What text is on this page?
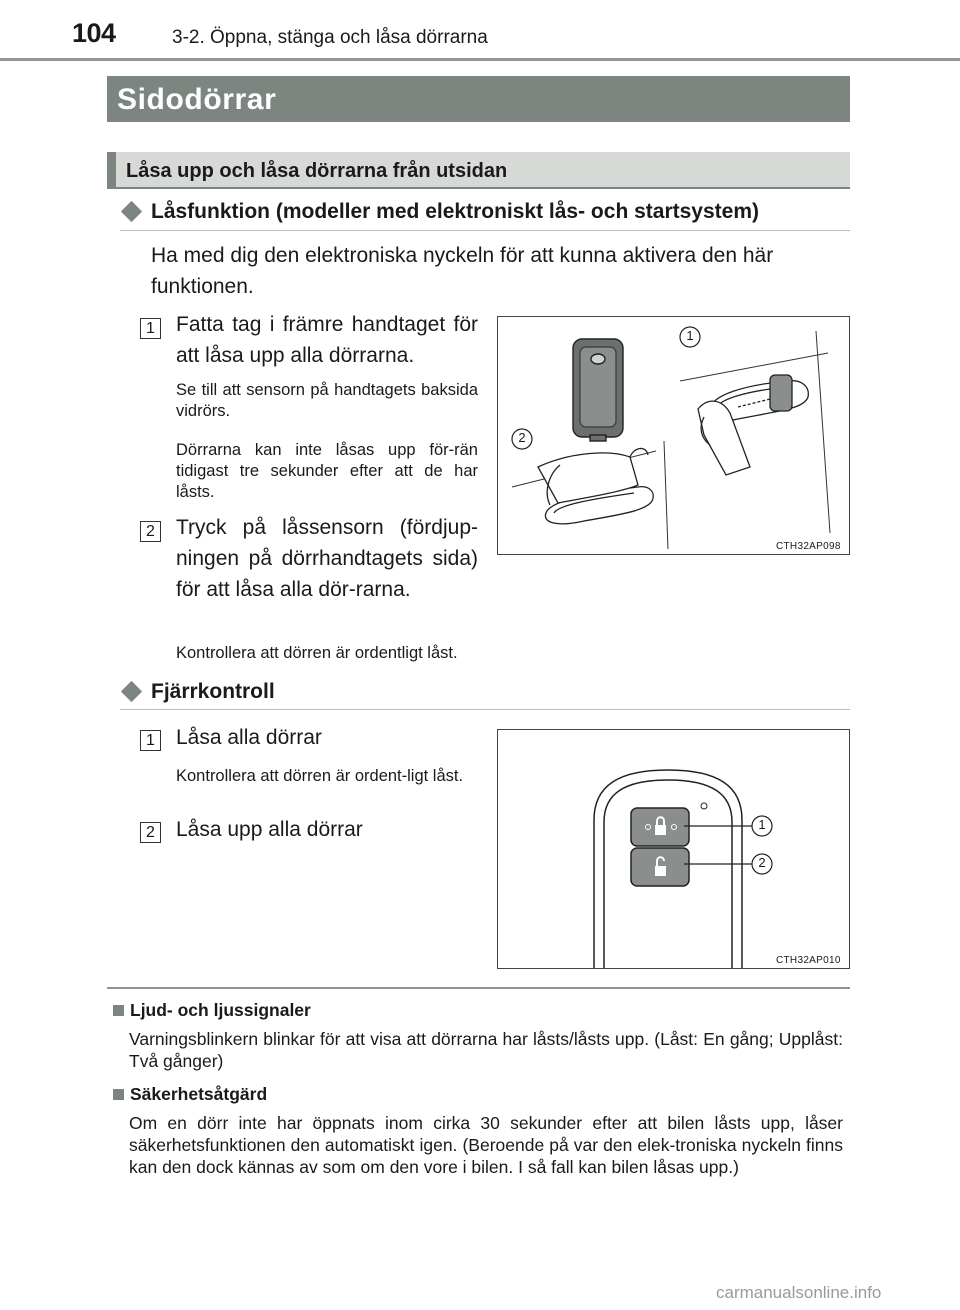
104	3-2. Öppna, stänga och låsa dörrarna
Sidodörrar
Låsa upp och låsa dörrarna från utsidan
Låsfunktion (modeller med elektroniskt lås- och startsystem)
Ha med dig den elektroniska nyckeln för att kunna aktivera den här funktionen.
1 Fatta tag i främre handtaget för att låsa upp alla dörrarna.
Se till att sensorn på handtagets baksida vidrörs.
Dörrarna kan inte låsas upp för-rän tidigast tre sekunder efter att de har låsts.
2 Tryck på låssensorn (fördjup-ningen på dörrhandtagets sida) för att låsa alla dör-rarna.
Kontrollera att dörren är ordentligt låst.
1
2
CTH32AP098
Fjärrkontroll
1 Låsa alla dörrar
Kontrollera att dörren är ordent-ligt låst.
2 Låsa upp alla dörrar	1
2
CTH32AP010
Ljud- och ljussignaler
Varningsblinkern blinkar för att visa att dörrarna har låsts/låsts upp. (Låst: En gång; Upplåst: Två gånger)
Säkerhetsåtgärd
Om en dörr inte har öppnats inom cirka 30 sekunder efter att bilen låsts upp, låser säkerhetsfunktionen den automatiskt igen. (Beroende på var den elek-troniska nyckeln finns kan den dock kännas av som om den vore i bilen. I så fall kan bilen låsas upp.)
carmanualsonline.info
